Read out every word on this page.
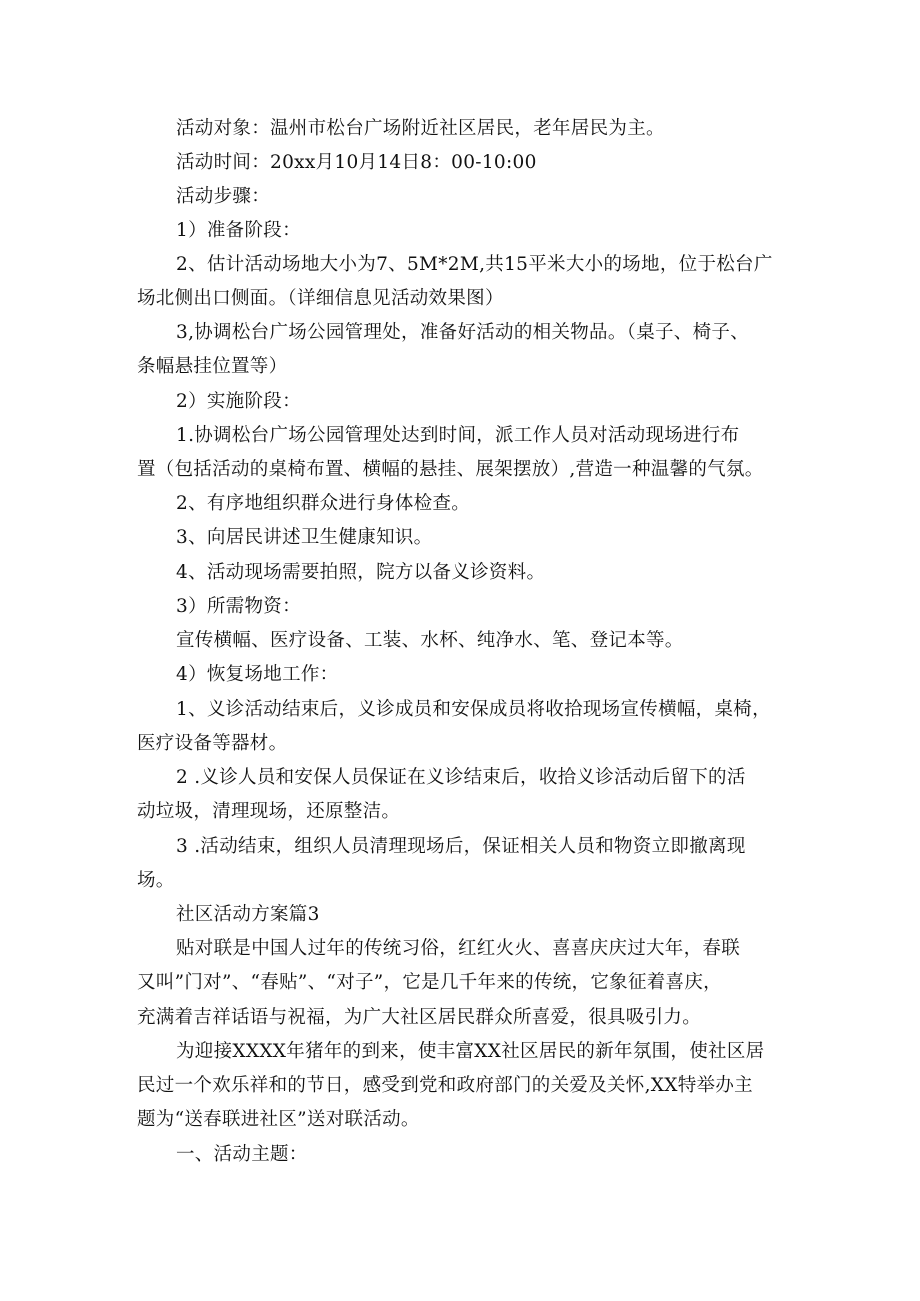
活动对象：温州市松台广场附近社区居民，老年居民为主。
活动时间：20xx月10月14日8：00-10:00
活动步骤：
1）准备阶段：
2、估计活动场地大小为7、5M*2M,共15平米大小的场地，位于松台广
场北侧出口侧面。（详细信息见活动效果图）
3,协调松台广场公园管理处，准备好活动的相关物品。（桌子、椅子、
条幅悬挂位置等）
2）实施阶段：
1.协调松台广场公园管理处达到时间，派工作人员对活动现场进行布
置（包括活动的桌椅布置、横幅的悬挂、展架摆放）,营造一种温馨的气氛。
2、有序地组织群众进行身体检查。
3、向居民讲述卫生健康知识。
4、活动现场需要拍照，院方以备义诊资料。
3）所需物资：
宣传横幅、医疗设备、工装、水杯、纯净水、笔、登记本等。
4）恢复场地工作：
1、义诊活动结束后，义诊成员和安保成员将收拾现场宣传横幅，桌椅，
医疗设备等器材。
2 .义诊人员和安保人员保证在义诊结束后，收拾义诊活动后留下的活
动垃圾，清理现场，还原整洁。
3 .活动结束，组织人员清理现场后，保证相关人员和物资立即撤离现
场。
社区活动方案篇3
贴对联是中国人过年的传统习俗，红红火火、喜喜庆庆过大年，春联
又叫”门对”、“春贴”、“对子”，它是几千年来的传统，它象征着喜庆，
充满着吉祥话语与祝福，为广大社区居民群众所喜爱，很具吸引力。
为迎接XXXX年猪年的到来，使丰富XX社区居民的新年氛围，使社区居
民过一个欢乐祥和的节日，感受到党和政府部门的关爱及关怀,XX特举办主
题为“送春联进社区”送对联活动。
一、活动主题：
